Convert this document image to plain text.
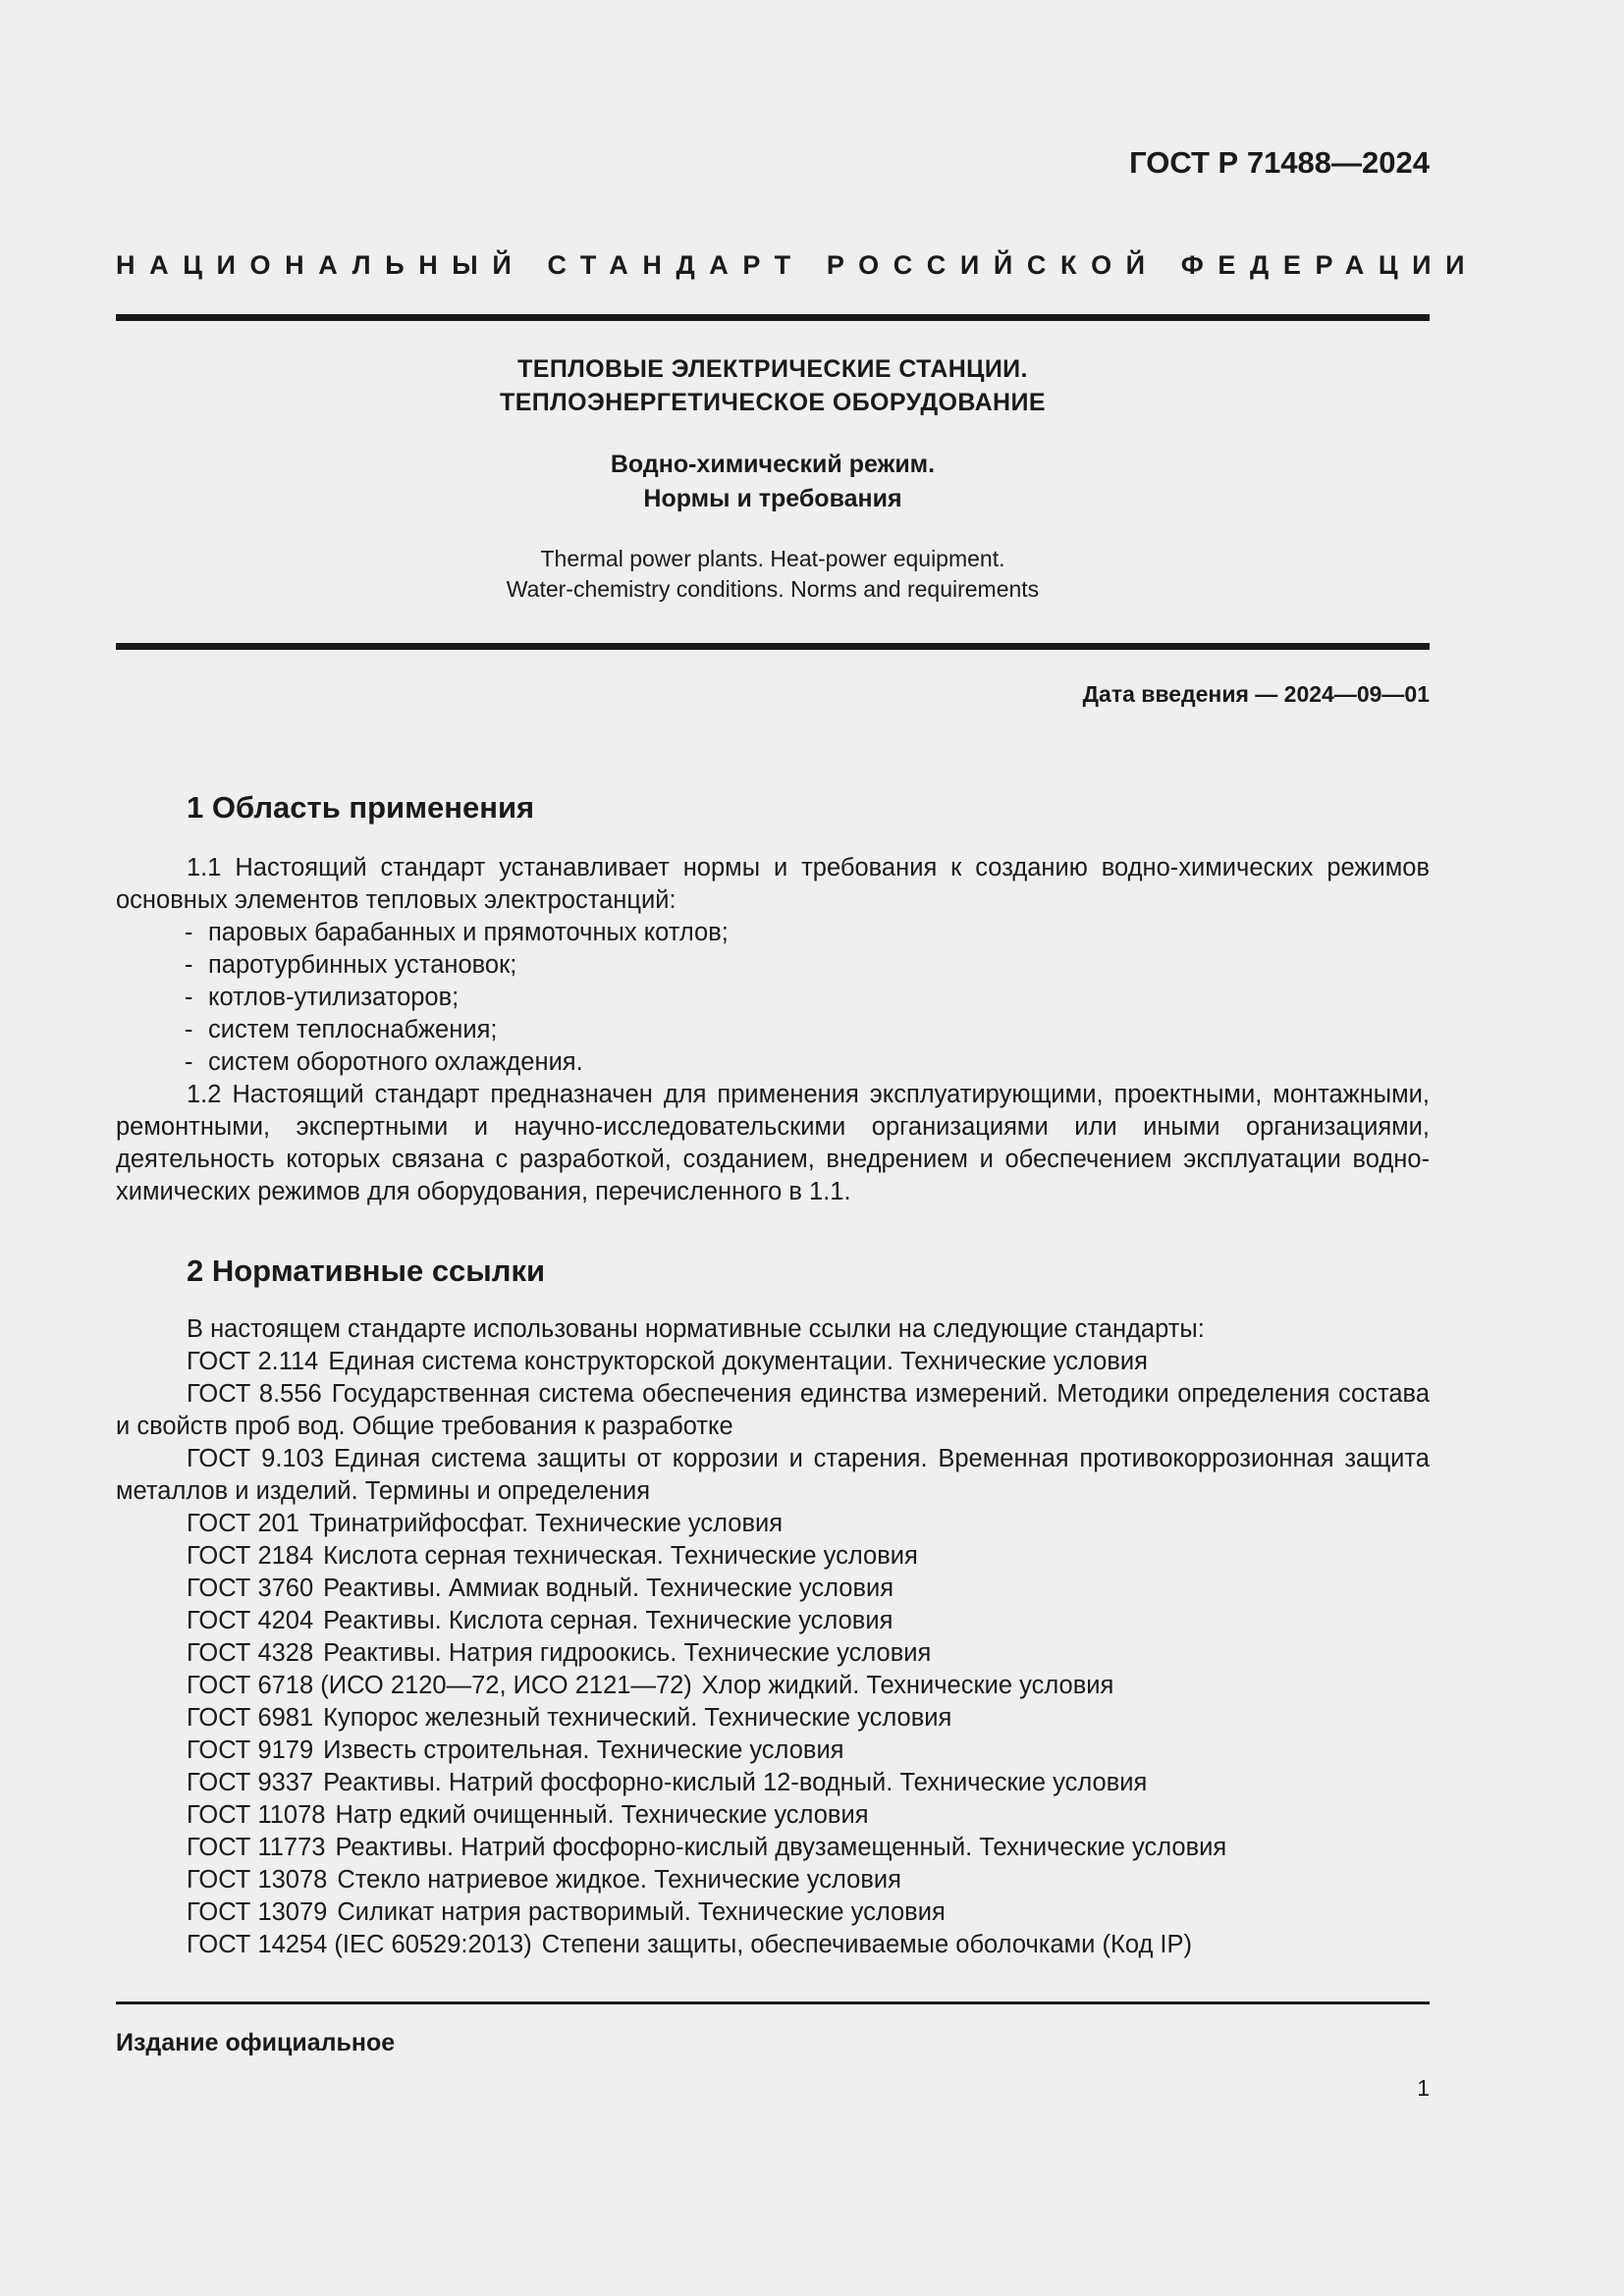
ГОСТ Р 71488—2024
НАЦИОНАЛЬНЫЙ СТАНДАРТ РОССИЙСКОЙ ФЕДЕРАЦИИ
ТЕПЛОВЫЕ ЭЛЕКТРИЧЕСКИЕ СТАНЦИИ.
ТЕПЛОЭНЕРГЕТИЧЕСКОЕ ОБОРУДОВАНИЕ
Водно-химический режим.
Нормы и требования
Thermal power plants. Heat-power equipment.
Water-chemistry conditions. Norms and requirements
Дата введения — 2024—09—01
1 Область применения

1.1 Настоящий стандарт устанавливает нормы и требования к созданию водно-химических режимов основных элементов тепловых электростанций:

- паровых барабанных и прямоточных котлов;

- паротурбинных установок;

- котлов-утилизаторов;

- систем теплоснабжения;

- систем оборотного охлаждения.

1.2 Настоящий стандарт предназначен для применения эксплуатирующими, проектными, монтажными, ремонтными, экспертными и научно-исследовательскими организациями или иными организациями, деятельность которых связана с разработкой, созданием, внедрением и обеспечением эксплуатации водно-химических режимов для оборудования, перечисленного в 1.1.

2 Нормативные ссылки

В настоящем стандарте использованы нормативные ссылки на следующие стандарты:

ГОСТ 2.114 Единая система конструкторской документации. Технические условия

ГОСТ 8.556 Государственная система обеспечения единства измерений. Методики определения состава и свойств проб вод. Общие требования к разработке

ГОСТ 9.103 Единая система защиты от коррозии и старения. Временная противокоррозионная защита металлов и изделий. Термины и определения

ГОСТ 201 Тринатрийфосфат. Технические условия

ГОСТ 2184 Кислота серная техническая. Технические условия

ГОСТ 3760 Реактивы. Аммиак водный. Технические условия

ГОСТ 4204 Реактивы. Кислота серная. Технические условия

ГОСТ 4328 Реактивы. Натрия гидроокись. Технические условия

ГОСТ 6718 (ИСО 2120—72, ИСО 2121—72) Хлор жидкий. Технические условия

ГОСТ 6981 Купорос железный технический. Технические условия

ГОСТ 9179 Известь строительная. Технические условия

ГОСТ 9337 Реактивы. Натрий фосфорно-кислый 12-водный. Технические условия

ГОСТ 11078 Натр едкий очищенный. Технические условия

ГОСТ 11773 Реактивы. Натрий фосфорно-кислый двузамещенный. Технические условия

ГОСТ 13078 Стекло натриевое жидкое. Технические условия

ГОСТ 13079 Силикат натрия растворимый. Технические условия

ГОСТ 14254 (IEC 60529:2013) Степени защиты, обеспечиваемые оболочками (Код IP)

Издание официальное
1
